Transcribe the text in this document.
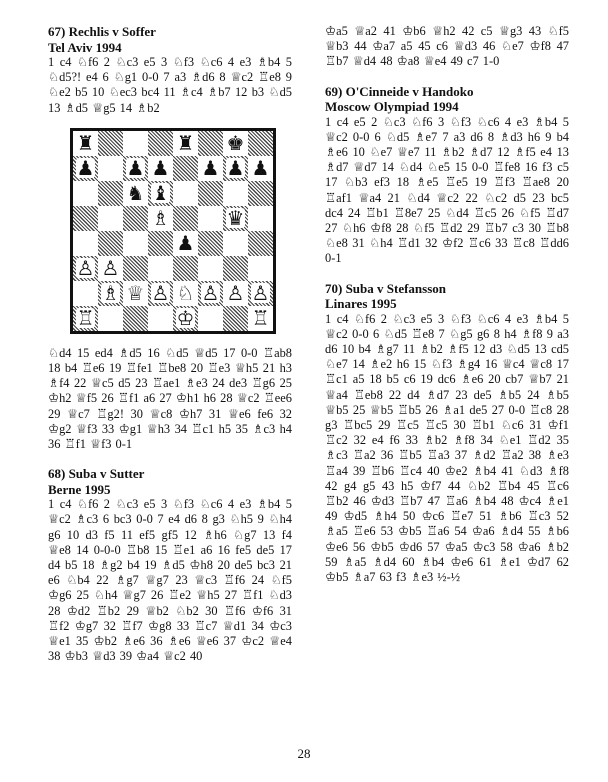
67) Rechlis v Soffer
Tel Aviv 1994

1 c4 ♘f6 2 ♘c3 e5 3 ♘f3 ♘c6 4 e3 ♗b4 5 ♘d5?! e4 6 ♘g1 0-0 7 a3 ♗d6 8 ♕c2 ♖e8 9 ♘e2 b5 10 ♘ec3 bc4 11 ♗c4 ♗b7 12 b3 ♘d5 13 ♗d5 ♕g5 14 ♗b2

♜	♜ ♚
♟ ♟ ♟ ♟ ♟ ♟
♞ ♝
♗	♛
♟
♙ ♙
♗ ♕ ♙ ♘ ♙ ♙ ♙
♖	♔	♖

♘d4 15 ed4 ♗d5 16 ♘d5 ♕d5 17 0-0 ♖ab8 18 b4 ♖e6 19 ♖fe1 ♖be8 20 ♖e3 ♕h5 21 h3 ♗f4 22 ♕c5 d5 23 ♖ae1 ♗e3 24 de3 ♖g6 25 ♔h2 ♕f5 26 ♖f1 a6 27 ♔h1 h6 28 ♕c2 ♖ee6 29 ♕c7 ♖g2! 30 ♕c8 ♔h7 31 ♕e6 fe6 32 ♔g2 ♕f3 33 ♔g1 ♕h3 34 ♖c1 h5 35 ♗c3 h4 36 ♖f1 ♕f3 0-1

68) Suba v Sutter
Berne 1995

1 c4 ♘f6 2 ♘c3 e5 3 ♘f3 ♘c6 4 e3 ♗b4 5 ♕c2 ♗c3 6 bc3 0-0 7 e4 d6 8 g3 ♘h5 9 ♘h4 g6 10 d3 f5 11 ef5 gf5 12 ♗h6 ♘g7 13 f4 ♕e8 14 0-0-0 ♖b8 15 ♖e1 a6 16 fe5 de5 17 d4 b5 18 ♗g2 b4 19 ♗d5 ♔h8 20 de5 bc3 21 e6 ♘b4 22 ♗g7 ♕g7 23 ♕c3 ♖f6 24 ♘f5 ♔g6 25 ♘h4 ♕g7 26 ♖e2 ♕h5 27 ♖f1 ♘d3 28 ♔d2 ♖b2 29 ♕b2 ♘b2 30 ♖f6 ♔f6 31 ♖f2 ♔g7 32 ♖f7 ♔g8 33 ♖c7 ♕d1 34 ♔c3 ♕e1 35 ♔b2 ♗e6 36 ♗e6 ♕e6 37 ♔c2 ♕e4 38 ♔b3 ♕d3 39 ♔a4 ♕c2 40

♔a5 ♕a2 41 ♔b6 ♕h2 42 c5 ♕g3 43 ♘f5 ♕b3 44 ♔a7 a5 45 c6 ♕d3 46 ♘e7 ♔f8 47 ♖b7 ♕d4 48 ♔a8 ♕e4 49 c7 1-0

69) O'Cinneide v Handoko
Moscow Olympiad 1994

1 c4 e5 2 ♘c3 ♘f6 3 ♘f3 ♘c6 4 e3 ♗b4 5 ♕c2 0-0 6 ♘d5 ♗e7 7 a3 d6 8 ♗d3 h6 9 b4 ♗e6 10 ♘e7 ♕e7 11 ♗b2 ♗d7 12 ♗f5 e4 13 ♗d7 ♕d7 14 ♘d4 ♘e5 15 0-0 ♖fe8 16 f3 c5 17 ♘b3 ef3 18 ♗e5 ♖e5 19 ♖f3 ♖ae8 20 ♖af1 ♕a4 21 ♘d4 ♕c2 22 ♘c2 d5 23 bc5 dc4 24 ♖b1 ♖8e7 25 ♘d4 ♖c5 26 ♘f5 ♖d7 27 ♘h6 ♔f8 28 ♘f5 ♖d2 29 ♖b7 c3 30 ♖b8 ♘e8 31 ♘h4 ♖d1 32 ♔f2 ♖c6 33 ♖c8 ♖dd6 0-1

70) Suba v Stefansson
Linares 1995

1 c4 ♘f6 2 ♘c3 e5 3 ♘f3 ♘c6 4 e3 ♗b4 5 ♕c2 0-0 6 ♘d5 ♖e8 7 ♘g5 g6 8 h4 ♗f8 9 a3 d6 10 b4 ♗g7 11 ♗b2 ♗f5 12 d3 ♘d5 13 cd5 ♘e7 14 ♗e2 h6 15 ♘f3 ♗g4 16 ♕c4 ♕c8 17 ♖c1 a5 18 b5 c6 19 dc6 ♗e6 20 cb7 ♕b7 21 ♕a4 ♖eb8 22 d4 ♗d7 23 de5 ♗b5 24 ♗b5 ♕b5 25 ♕b5 ♖b5 26 ♗a1 de5 27 0-0 ♖c8 28 g3 ♖bc5 29 ♖c5 ♖c5 30 ♖b1 ♘c6 31 ♔f1 ♖c2 32 e4 f6 33 ♗b2 ♗f8 34 ♘e1 ♖d2 35 ♗c3 ♖a2 36 ♖b5 ♖a3 37 ♗d2 ♖a2 38 ♗e3 ♖a4 39 ♖b6 ♖c4 40 ♔e2 ♗b4 41 ♘d3 ♗f8 42 g4 g5 43 h5 ♔f7 44 ♘b2 ♖b4 45 ♖c6 ♖b2 46 ♔d3 ♖b7 47 ♖a6 ♗b4 48 ♔c4 ♗e1 49 ♔d5 ♗h4 50 ♔c6 ♖e7 51 ♗b6 ♖c3 52 ♗a5 ♖e6 53 ♔b5 ♖a6 54 ♔a6 ♗d4 55 ♗b6 ♔e6 56 ♔b5 ♔d6 57 ♔a5 ♔c3 58 ♔a6 ♗b2 59 ♗a5 ♗d4 60 ♗b4 ♔e6 61 ♗e1 ♔d7 62 ♔b5 ♗a7 63 f3 ♗e3 ½-½

28
